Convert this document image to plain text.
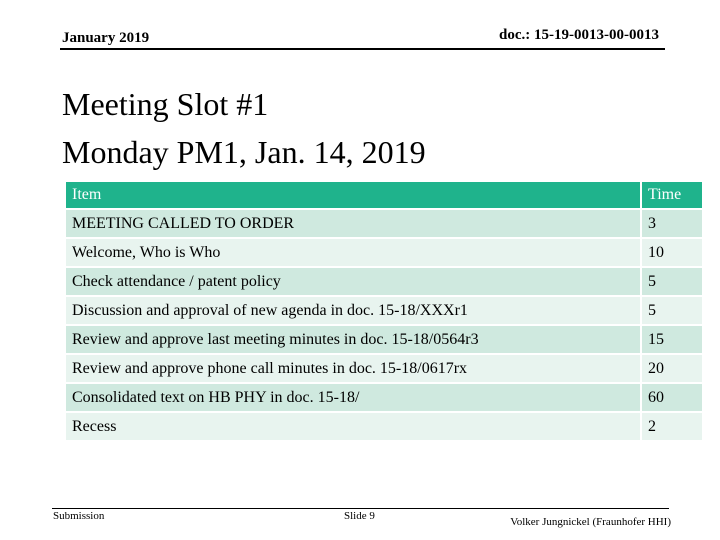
January 2019	doc.: 15-19-0013-00-0013
Meeting Slot #1
Monday PM1, Jan. 14, 2019
Item	Time
MEETING CALLED TO ORDER	3
Welcome, Who is Who	10
Check attendance / patent policy	5
Discussion and approval of new agenda in doc. 15-18/XXXr1	5
Review and approve last meeting minutes in doc. 15-18/0564r3	15
Review and approve phone call minutes in doc. 15-18/0617rx	20
Consolidated text on HB PHY in doc. 15-18/	60
Recess	2
Submission	Slide 9	Volker Jungnickel (Fraunhofer HHI)
